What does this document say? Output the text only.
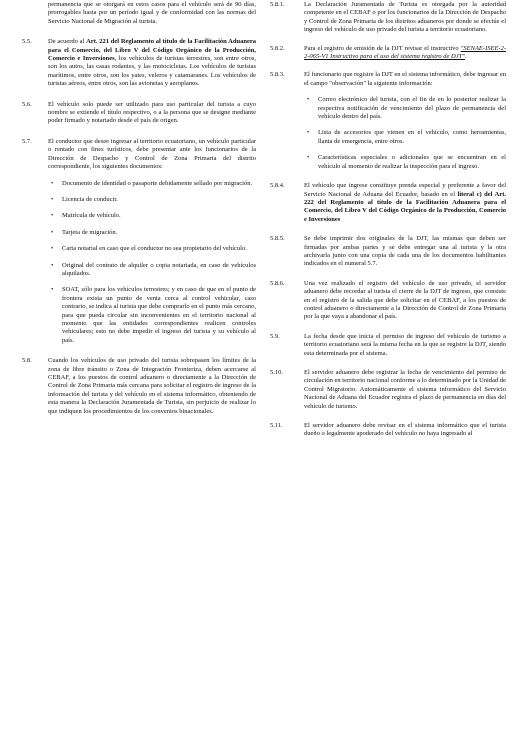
permanencia que se otorgará en estos casos para el vehículo será de 90 días, prorrogables hasta por un período igual y de conformidad con las normas del Servicio Nacional de Migración al turista.
5.5.	De acuerdo al Art. 221 del Reglamento al título de la Facilitación Aduanera para el Comercio, del Libro V del Código Orgánico de la Producción, Comercio e Inversiones, los vehículos de turistas terrestres, son entre otros, son los autos, las casas rodantes, y las motocicletas. Los vehículos de turistas marítimos, entre otros, son los yates, veleros y catamaranes. Los vehículos de turistas aéreos, entre otros, son las avionetas y aeroplanos.
5.6.	El vehículo solo puede ser utilizado para uso particular del turista a cuyo nombre se extiende el título respectivo, o a la persona que se designe mediante poder firmado y notariado desde el país de origen.
5.7.	El conductor que desee ingresar al territorio ecuatoriano, un vehículo particular o rentado con fines turísticos, debe presentar ante los funcionarios de la Dirección de Despacho y Control de Zona Primaria del distrito correspondiente, los siguientes documentos:
• Documento de identidad o pasaporte debidamente sellado por migración.
• Licencia de conducir.
• Matrícula de vehículo.
• Tarjeta de migración.
• Carta notarial en caso que el conductor no sea propietario del vehículo.
• Original del contrato de alquiler o copia notariada, en caso de vehículos alquilados.
• SOAT, sólo para los vehículos terrestres; y en caso de que en el punto de frontera exista un punto de venta cerca al control vehicular, caso contrario, se indica al turista que debe comprarlo en el punto más cercano, para que pueda circular sin inconvenientes en el territorio nacional al momento que las entidades correspondientes realicen controles vehiculares; esto no debe impedir el ingreso del turista y su vehículo al país.
5.8.	Cuando los vehículos de uso privado del turista sobrepasen los límites de la zona de libre tránsito o Zona de Integración Fronteriza, deben acercarse al CEBAF, a los puestos de control aduanero o directamente a la Dirección de Control de Zona Primaria más cercana para solicitar el registro de ingreso de la información del turista y del vehículo en el sistema informático, obteniendo de esta manera la Declaración Juramentada de Turista, sin perjuicio de realizar lo que indiquen los procedimientos de los convenios binacionales.
5.8.1.	La Declaración Juramentada de Turista es otorgada por la autoridad competente en el CEBAF o por los funcionarios de la Dirección de Despacho y Control de Zona Primaria de los distritos aduaneros por donde se efectúe el ingreso del vehículo de uso privado del turista a territorio ecuatoriano.
5.8.2.	Para el registro de emisión de la DJT revisar el instructivo "SENAE-ISEE-2-2-065-V1 Instructivo para el uso del sistema registro de DJT".
5.8.3.	El funcionario que registre la DJT en el sistema informático, debe ingresar en el campo "observación" la siguiente información:
• Correo electrónico del turista, con el fin de en lo posterior realizar la respectiva notificación de vencimiento del plazo de permanencia del vehículo dentro del país.
• Lista de accesorios que vienen en el vehículo, como herramientas, llanta de emergencia, entre otros.
• Características especiales o adicionales que se encuentran en el vehículo al momento de realizar la inspección para el ingreso.
5.8.4.	El vehículo que ingrese constituye prenda especial y preferente a favor del Servicio Nacional de Aduana del Ecuador, basado en el literal c) del Art. 222 del Reglamento al título de la Facilitación Aduanera para el Comercio, del Libro V del Código Orgánico de la Producción, Comercio e Inversiones
5.8.5.	Se debe imprimir dos originales de la DJT, las mismas que deben ser firmadas por ambas partes y se debe entregar una al turista y la otra archivarla junto con una copia de cada una de los documentos habilitantes indicados en el numeral 5.7.
5.8.6.	Una vez realizado el registro del vehículo de uso privado, el servidor aduanero debe recordar al turista el cierre de la DJT de ingreso, que consiste en el registro de la salida que debe solicitar en el CEBAF, a los puestos de control aduanero o directamente a la Dirección de Control de Zona Primaria por la que vaya a abandonar el país.
5.9.	La fecha desde que inicia el permiso de ingreso del vehículo de turismo a territorio ecuatoriano será la misma fecha en la que se registre la DJT, siendo esta determinada por el sistema.
5.10.	El servidor aduanero debe registrar la fecha de vencimiento del permiso de circulación en territorio nacional conforme a lo determinado por la Unidad de Control Migratorio. Automáticamente el sistema informático del Servicio Nacional de Aduana del Ecuador registra el plazo de permanencia en días del vehículo de turismo.
5.11.	El servidor aduanero debe revisar en el sistema informático que el turista dueño o legalmente apoderado del vehículo no haya ingresado al
